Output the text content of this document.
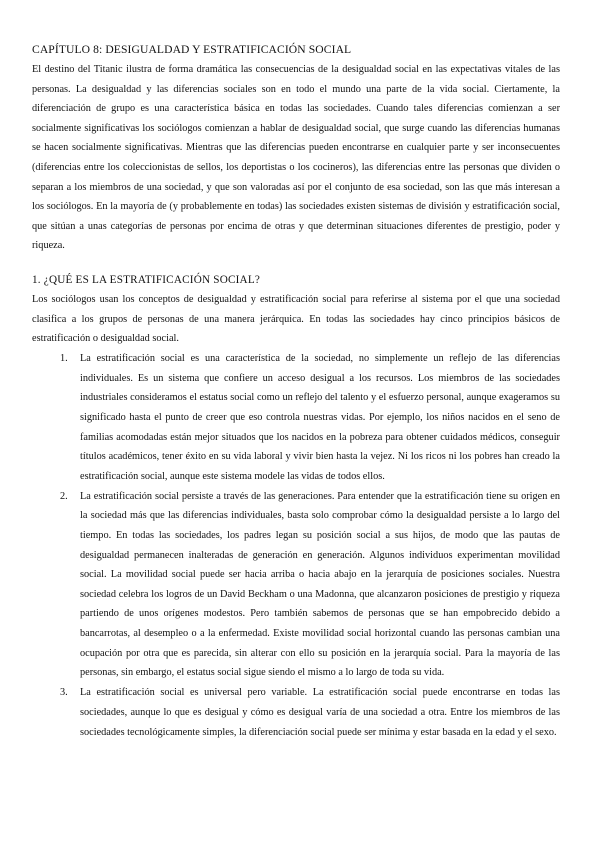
CAPÍTULO 8: DESIGUALDAD Y ESTRATIFICACIÓN SOCIAL

El destino del Titanic ilustra de forma dramática las consecuencias de la desigualdad social en las expectativas vitales de las personas. La desigualdad y las diferencias sociales son en todo el mundo una parte de la vida social. Ciertamente, la diferenciación de grupo es una característica básica en todas las sociedades. Cuando tales diferencias comienzan a ser socialmente significativas los sociólogos comienzan a hablar de desigualdad social, que surge cuando las diferencias humanas se hacen socialmente significativas. Mientras que las diferencias pueden encontrarse en cualquier parte y ser inconsecuentes (diferencias entre los coleccionistas de sellos, los deportistas o los cocineros), las diferencias entre las personas que dividen o separan a los miembros de una sociedad, y que son valoradas así por el conjunto de esa sociedad, son las que más interesan a los sociólogos. En la mayoría de (y probablemente en todas) las sociedades existen sistemas de división y estratificación social, que sitúan a unas categorías de personas por encima de otras y que determinan situaciones diferentes de prestigio, poder y riqueza.

1. ¿QUÉ ES LA ESTRATIFICACIÓN SOCIAL?

Los sociólogos usan los conceptos de desigualdad y estratificación social para referirse al sistema por el que una sociedad clasifica a los grupos de personas de una manera jerárquica. En todas las sociedades hay cinco principios básicos de estratificación o desigualdad social.

1. La estratificación social es una característica de la sociedad, no simplemente un reflejo de las diferencias individuales. Es un sistema que confiere un acceso desigual a los recursos. Los miembros de las sociedades industriales consideramos el estatus social como un reflejo del talento y el esfuerzo personal, aunque exageramos su significado hasta el punto de creer que eso controla nuestras vidas. Por ejemplo, los niños nacidos en el seno de familias acomodadas están mejor situados que los nacidos en la pobreza para obtener cuidados médicos, conseguir títulos académicos, tener éxito en su vida laboral y vivir bien hasta la vejez. Ni los ricos ni los pobres han creado la estratificación social, aunque este sistema modele las vidas de todos ellos.
2. La estratificación social persiste a través de las generaciones. Para entender que la estratificación tiene su origen en la sociedad más que las diferencias individuales, basta solo comprobar cómo la desigualdad persiste a lo largo del tiempo. En todas las sociedades, los padres legan su posición social a sus hijos, de modo que las pautas de desigualdad permanecen inalteradas de generación en generación. Algunos individuos experimentan movilidad social. La movilidad social puede ser hacia arriba o hacia abajo en la jerarquía de posiciones sociales. Nuestra sociedad celebra los logros de un David Beckham o una Madonna, que alcanzaron posiciones de prestigio y riqueza partiendo de unos orígenes modestos. Pero también sabemos de personas que se han empobrecido debido a bancarrotas, al desempleo o a la enfermedad. Existe movilidad social horizontal cuando las personas cambian una ocupación por otra que es parecida, sin alterar con ello su posición en la jerarquía social. Para la mayoría de las personas, sin embargo, el estatus social sigue siendo el mismo a lo largo de toda su vida.
3. La estratificación social es universal pero variable. La estratificación social puede encontrarse en todas las sociedades, aunque lo que es desigual y cómo es desigual varía de una sociedad a otra. Entre los miembros de las sociedades tecnológicamente simples, la diferenciación social puede ser mínima y estar basada en la edad y el sexo.
